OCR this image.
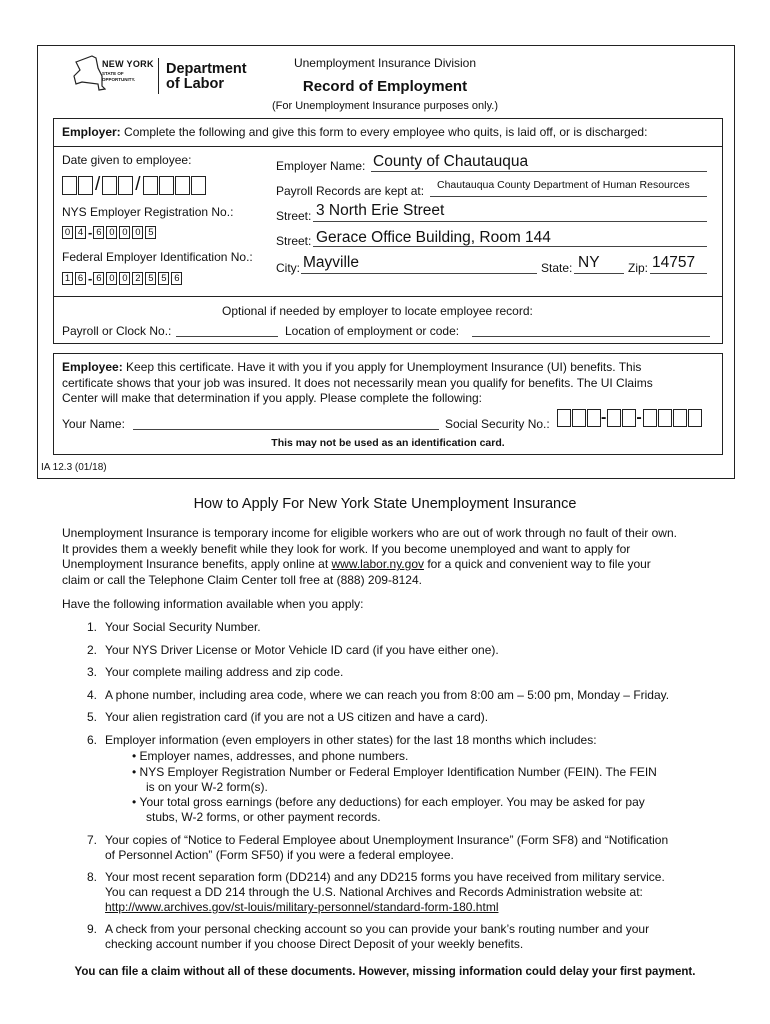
NEW YORK
STATE OF
OPPORTUNITY.
Department
of Labor
Unemployment Insurance Division
Record of Employment
(For Unemployment Insurance purposes only.)
Employer: Complete the following and give this form to every employee who quits, is laid off, or is discharged:
Date given to employee:
/ /
NYS Employer Registration No.:
0 4 - 6 0 0 0 5
Federal Employer Identification No.:
1 6 - 6 0 0 2 5 5 6
Employer Name: County of Chautauqua
Payroll Records are kept at: Chautauqua County Department of Human Resources
Street: 3 North Erie Street
Street: Gerace Office Building, Room 144
City: Mayville	State: NY Zip: 14757
Optional if needed by employer to locate employee record:
Payroll or Clock No.:	Location of employment or code:
Employee: Keep this certificate. Have it with you if you apply for Unemployment Insurance (UI) benefits. This
certificate shows that your job was insured. It does not necessarily mean you qualify for benefits. The UI Claims
Center will make that determination if you apply. Please complete the following:
Your Name:	Social Security No.:	- -
This may not be used as an identification card.
IA 12.3 (01/18)
How to Apply For New York State Unemployment Insurance
Unemployment Insurance is temporary income for eligible workers who are out of work through no fault of their own.
It provides them a weekly benefit while they look for work. If you become unemployed and want to apply for
Unemployment Insurance benefits, apply online at www.labor.ny.gov for a quick and convenient way to file your
claim or call the Telephone Claim Center toll free at (888) 209-8124.
Have the following information available when you apply:
1. Your Social Security Number.
2. Your NYS Driver License or Motor Vehicle ID card (if you have either one).
3. Your complete mailing address and zip code.
4. A phone number, including area code, where we can reach you from 8:00 am – 5:00 pm, Monday – Friday.
5. Your alien registration card (if you are not a US citizen and have a card).
6. Employer information (even employers in other states) for the last 18 months which includes:
• Employer names, addresses, and phone numbers.
• NYS Employer Registration Number or Federal Employer Identification Number (FEIN). The FEIN
is on your W-2 form(s).
• Your total gross earnings (before any deductions) for each employer. You may be asked for pay
stubs, W-2 forms, or other payment records.
7. Your copies of “Notice to Federal Employee about Unemployment Insurance” (Form SF8) and “Notification
of Personnel Action” (Form SF50) if you were a federal employee.
8. Your most recent separation form (DD214) and any DD215 forms you have received from military service.
You can request a DD 214 through the U.S. National Archives and Records Administration website at:
http://www.archives.gov/st-louis/military-personnel/standard-form-180.html
9. A check from your personal checking account so you can provide your bank’s routing number and your
checking account number if you choose Direct Deposit of your weekly benefits.
You can file a claim without all of these documents. However, missing information could delay your first payment.
